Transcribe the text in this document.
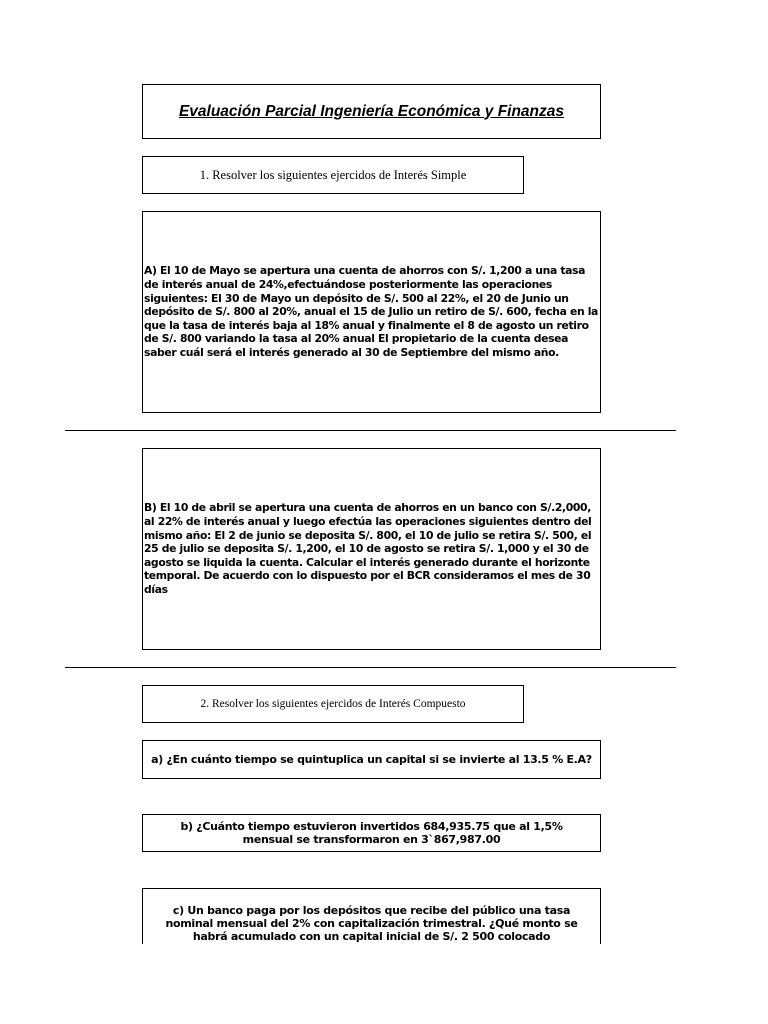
Evaluación Parcial Ingeniería Económica y Finanzas
1. Resolver los siguientes ejercidos de Interés Simple
A) El 10 de Mayo se apertura una cuenta de ahorros con S/. 1,200 a una tasa de interés anual de 24%,efectuándose posteriormente las operaciones siguientes: El 30 de Mayo un depósito de S/. 500 al 22%, el 20 de Junio un depósito de S/. 800 al 20%, anual el 15 de Julio un retiro de S/. 600, fecha en la que la tasa de interés baja al 18% anual y finalmente el 8 de agosto un retiro de S/. 800 variando la tasa al 20% anual El propietario de la cuenta desea saber cuál será el interés generado al 30 de Septiembre del mismo año.
B) El 10 de abril se apertura una cuenta de ahorros en un banco con S/.2,000, al 22% de interés anual y luego efectúa las operaciones siguientes dentro del mismo año: El 2 de junio se deposita S/. 800, el 10 de julio se retira S/. 500, el 25 de julio se deposita S/. 1,200, el 10 de agosto se retira S/. 1,000 y el 30 de agosto se liquida la cuenta. Calcular el interés generado durante el horizonte temporal. De acuerdo con lo dispuesto por el BCR consideramos el mes de 30 días
2. Resolver los siguientes ejercidos de Interés Compuesto
a) ¿En cuánto tiempo se quintuplica un capital si se invierte al 13.5 % E.A?
b) ¿Cuánto tiempo estuvieron invertidos 684,935.75 que al 1,5% mensual se transformaron en 3`867,987.00
c) Un banco paga por los depósitos que recibe del público una tasa nominal mensual del 2% con capitalización trimestral. ¿Qué monto se habrá acumulado con un capital inicial de S/. 2 500 colocado
